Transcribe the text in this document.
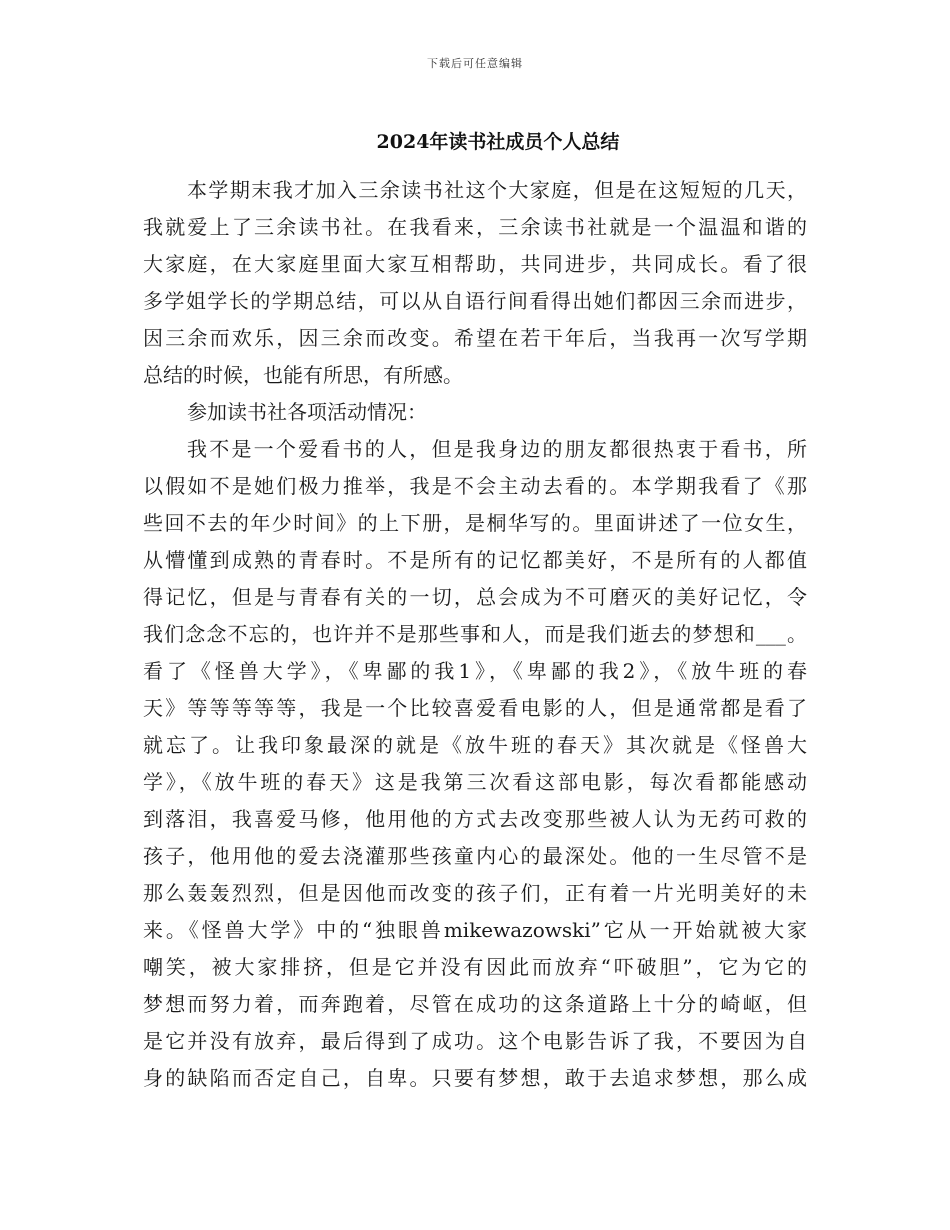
下载后可任意编辑
2024年读书社成员个人总结
本学期末我才加入三余读书社这个大家庭，但是在这短短的几天，
我就爱上了三余读书社。在我看来，三余读书社就是一个温温和谐的
大家庭，在大家庭里面大家互相帮助，共同进步，共同成长。看了很
多学姐学长的学期总结，可以从自语行间看得出她们都因三余而进步，
因三余而欢乐，因三余而改变。希望在若干年后，当我再一次写学期
总结的时候，也能有所思，有所感。
参加读书社各项活动情况：
我不是一个爱看书的人，但是我身边的朋友都很热衷于看书，所
以假如不是她们极力推举，我是不会主动去看的。本学期我看了《那
些回不去的年少时间》的上下册，是桐华写的。里面讲述了一位女生，
从懵懂到成熟的青春时。不是所有的记忆都美好，不是所有的人都值
得记忆，但是与青春有关的一切，总会成为不可磨灭的美好记忆，令
我们念念不忘的，也许并不是那些事和人，而是我们逝去的梦想和___。
看了《怪兽大学》，《卑鄙的我1》，《卑鄙的我2》，《放牛班的春
天》等等等等等，我是一个比较喜爱看电影的人，但是通常都是看了
就忘了。让我印象最深的就是《放牛班的春天》其次就是《怪兽大
学》，《放牛班的春天》这是我第三次看这部电影，每次看都能感动
到落泪，我喜爱马修，他用他的方式去改变那些被人认为无药可救的
孩子，他用他的爱去浇灌那些孩童内心的最深处。他的一生尽管不是
那么轰轰烈烈，但是因他而改变的孩子们，正有着一片光明美好的未
来。《怪兽大学》中的“独眼兽mikewazowski”它从一开始就被大家
嘲笑，被大家排挤，但是它并没有因此而放弃“吓破胆”，它为它的
梦想而努力着，而奔跑着，尽管在成功的这条道路上十分的崎岖，但
是它并没有放弃，最后得到了成功。这个电影告诉了我，不要因为自
身的缺陷而否定自己，自卑。只要有梦想，敢于去追求梦想，那么成
